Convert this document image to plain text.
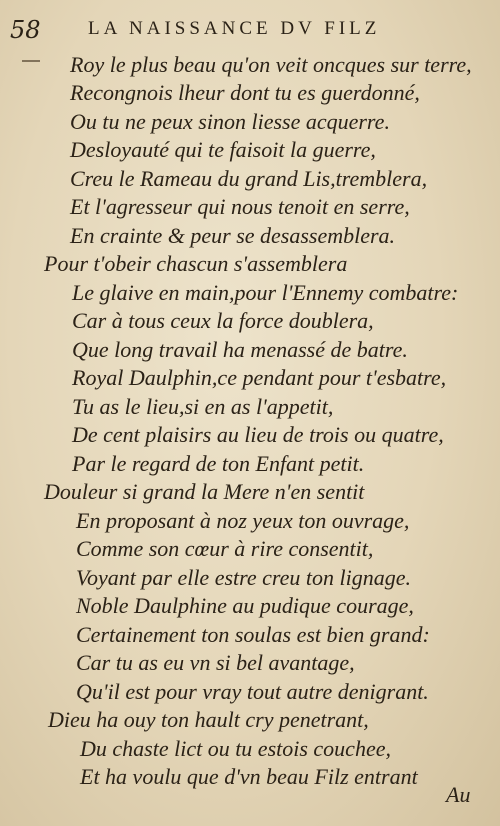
58 LA NAISSANCE DV FILZ
Roy le plus beau qu'on veit oncques sur terre,
Recongnois lheur dont tu es guerdonné,
Ou tu ne peux sinon liesse acquerre.
Desloyauté qui te faisoit la guerre,
Creu le Rameau du grand Lis,tremblera,
Et l'agresseur qui nous tenoit en serre,
En crainte & peur se desassemblera.
Pour t'obeir chascun s'assemblera
Le glaive en main,pour l'Ennemy combatre:
Car à tous ceux la force doublera,
Que long travail ha menassé de batre.
Royal Daulphin,ce pendant pour t'esbatre,
Tu as le lieu,si en as l'appetit,
De cent plaisirs au lieu de trois ou quatre,
Par le regard de ton Enfant petit.
Douleur si grand la Mere n'en sentit
En proposant à noz yeux ton ouvrage,
Comme son cœur à rire consentit,
Voyant par elle estre creu ton lignage.
Noble Daulphine au pudique courage,
Certainement ton soulas est bien grand:
Car tu as eu vn si bel avantage,
Qu'il est pour vray tout autre denigrant.
Dieu ha ouy ton hault cry penetrant,
Du chaste lict ou tu estois couchee,
Et ha voulu que d'vn beau Filz entrant
Au
